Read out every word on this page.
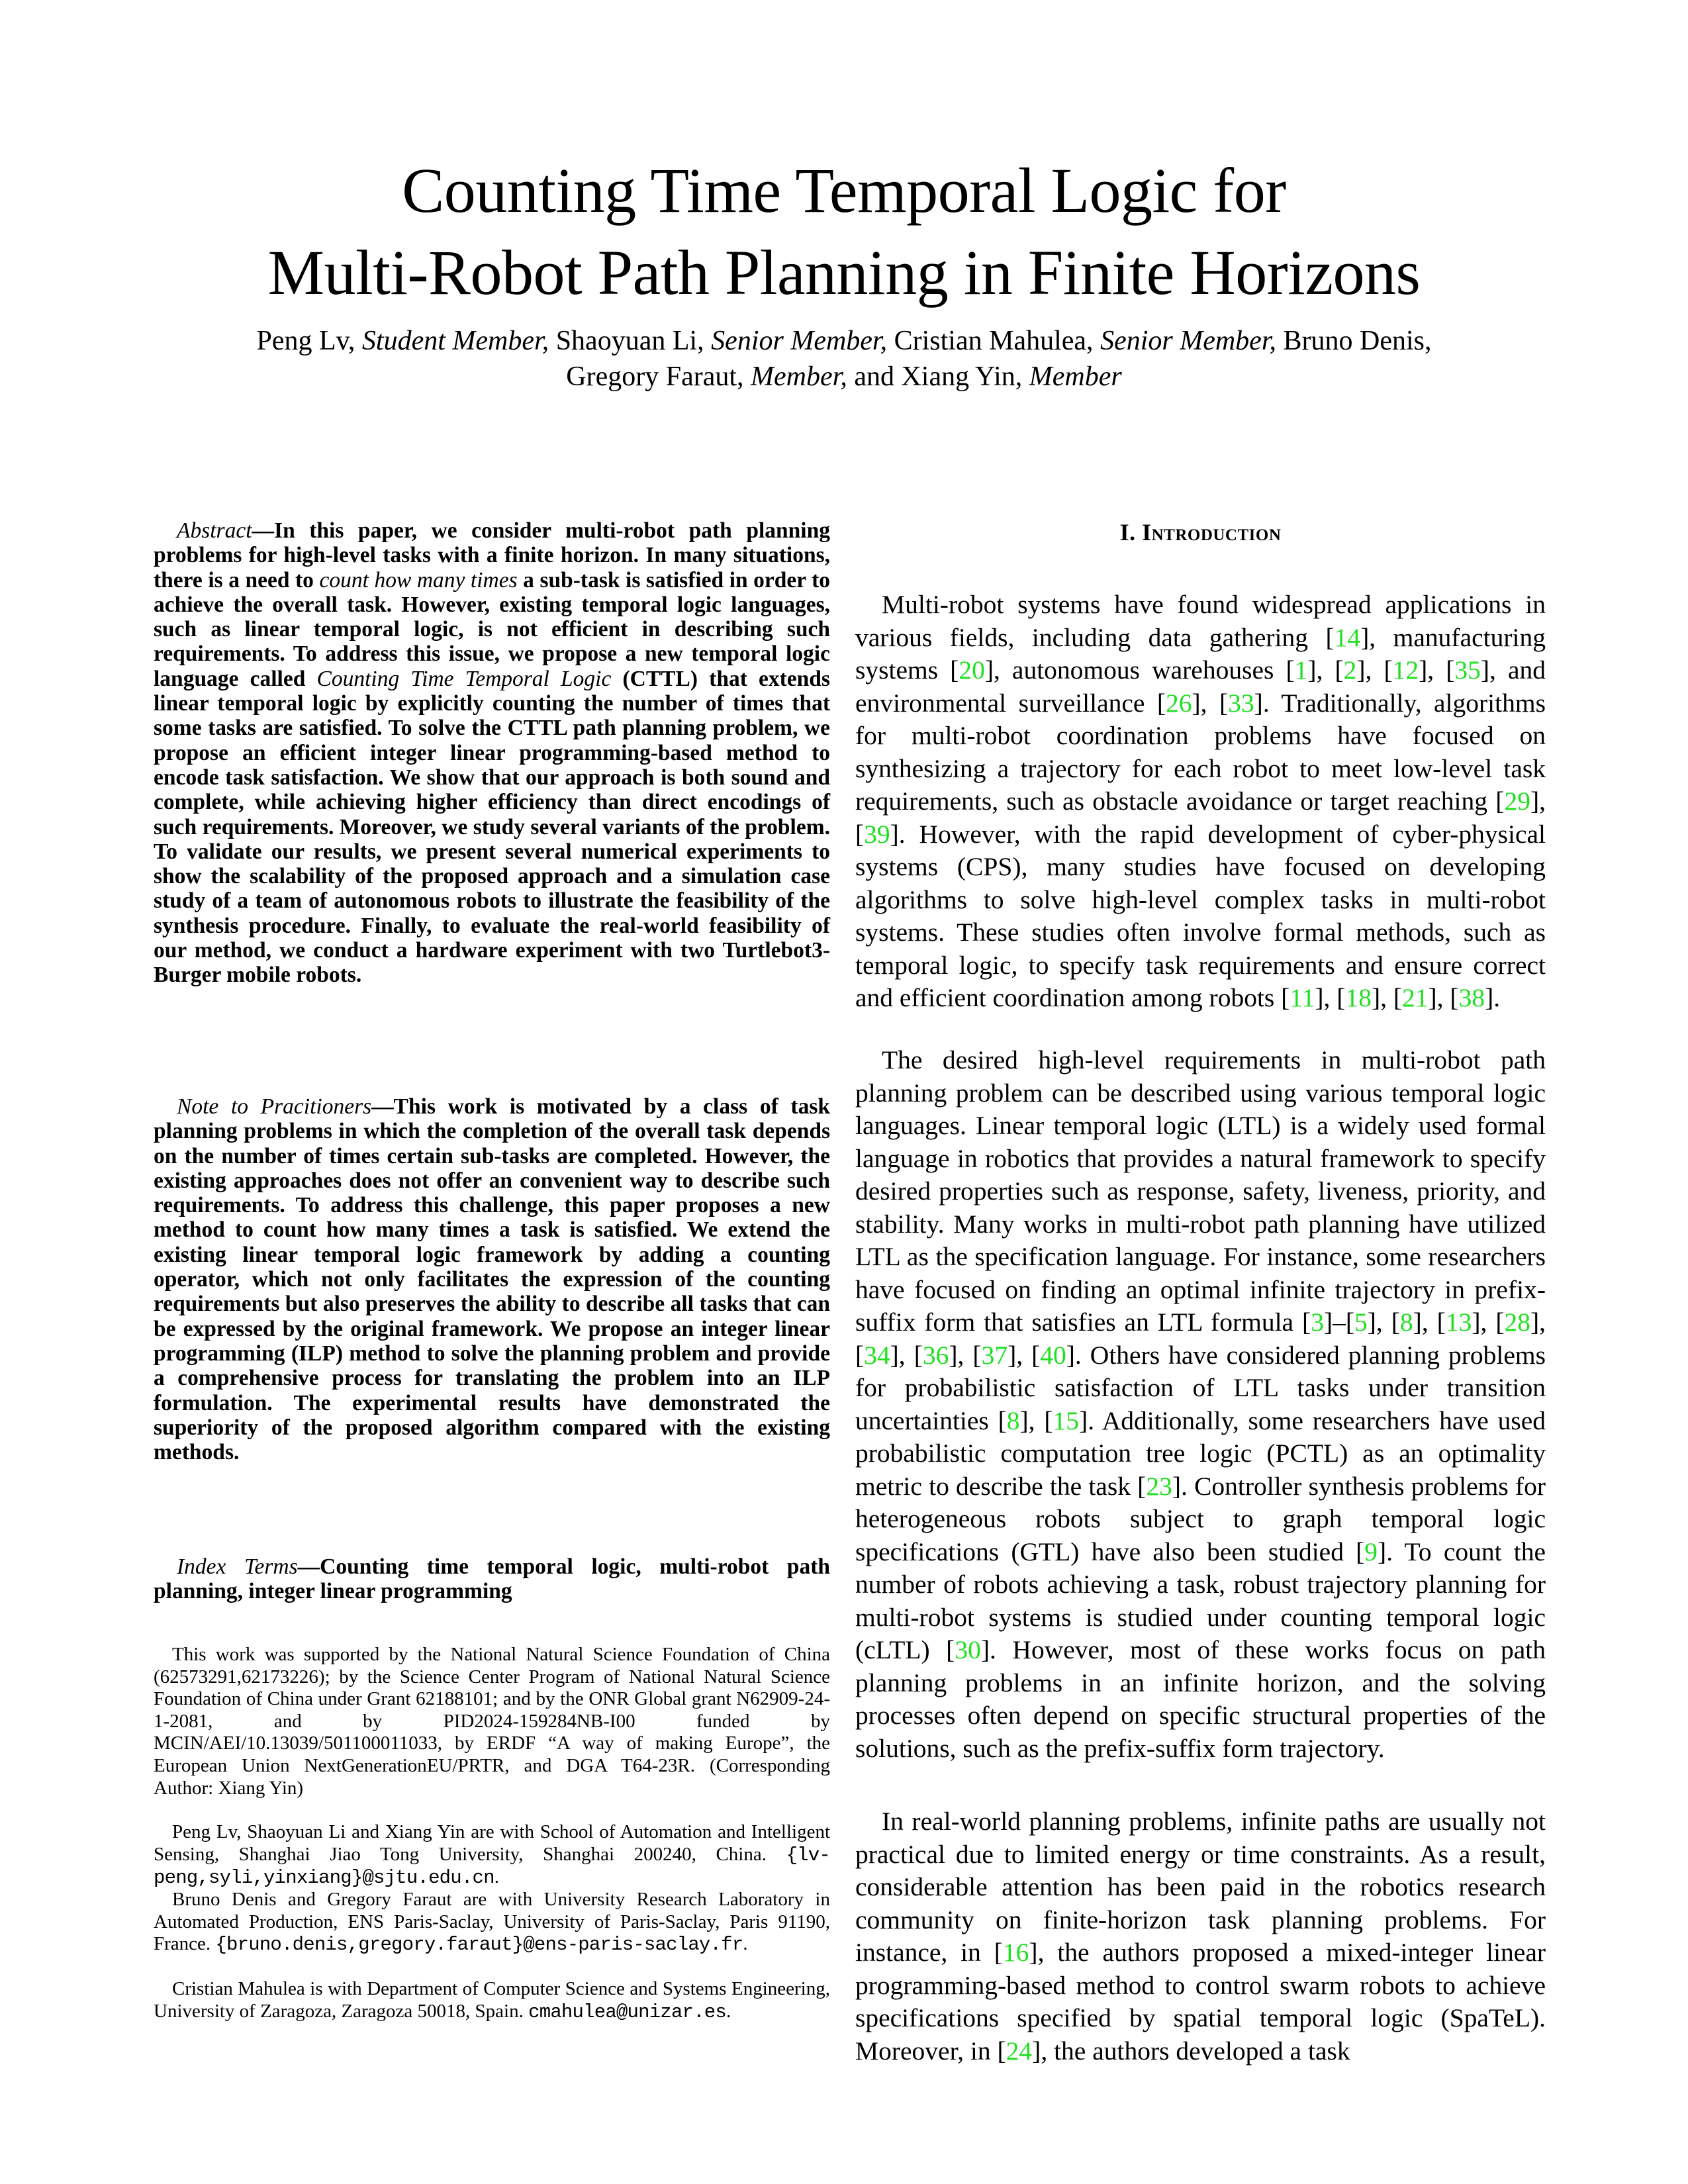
Counting Time Temporal Logic for
Multi-Robot Path Planning in Finite Horizons
Peng Lv, Student Member, Shaoyuan Li, Senior Member, Cristian Mahulea, Senior Member, Bruno Denis,
Gregory Faraut, Member, and Xiang Yin, Member

Abstract—In this paper, we consider multi-robot path planning problems for high-level tasks with a finite horizon. In many situations, there is a need to count how many times a sub-task is satisfied in order to achieve the overall task. However, existing temporal logic languages, such as linear temporal logic, is not efficient in describing such requirements. To address this issue, we propose a new temporal logic language called Counting Time Temporal Logic (CTTL) that extends linear temporal logic by explicitly counting the number of times that some tasks are satisfied. To solve the CTTL path planning problem, we propose an efficient integer linear programming-based method to encode task satisfaction. We show that our approach is both sound and complete, while achieving higher efficiency than direct encodings of such requirements. Moreover, we study several variants of the problem. To validate our results, we present several numerical experiments to show the scalability of the proposed approach and a simulation case study of a team of autonomous robots to illustrate the feasibility of the synthesis procedure. Finally, to evaluate the real-world feasibility of our method, we conduct a hardware experiment with two Turtlebot3-Burger mobile robots.

Note to Pracitioners—This work is motivated by a class of task planning problems in which the completion of the overall task depends on the number of times certain sub-tasks are completed. However, the existing approaches does not offer an convenient way to describe such requirements. To address this challenge, this paper proposes a new method to count how many times a task is satisfied. We extend the existing linear temporal logic framework by adding a counting operator, which not only facilitates the expression of the counting requirements but also preserves the ability to describe all tasks that can be expressed by the original framework. We propose an integer linear programming (ILP) method to solve the planning problem and provide a comprehensive process for translating the problem into an ILP formulation. The experimental results have demonstrated the superiority of the proposed algorithm compared with the existing methods.

Index Terms—Counting time temporal logic, multi-robot path planning, integer linear programming

This work was supported by the National Natural Science Foundation of China (62573291,62173226); by the Science Center Program of National Natural Science Foundation of China under Grant 62188101; and by the ONR Global grant N62909-24-1-2081, and by PID2024-159284NB-I00 funded by MCIN/AEI/10.13039/501100011033, by ERDF “A way of making Europe”, the European Union NextGenerationEU/PRTR, and DGA T64-23R. (Corresponding Author: Xiang Yin)

Peng Lv, Shaoyuan Li and Xiang Yin are with School of Automation and Intelligent Sensing, Shanghai Jiao Tong University, Shanghai 200240, China. {lv-peng,syli,yinxiang}@sjtu.edu.cn.

Bruno Denis and Gregory Faraut are with University Research Laboratory in Automated Production, ENS Paris-Saclay, University of Paris-Saclay, Paris 91190, France. {bruno.denis,gregory.faraut}@ens-paris-saclay.fr.

Cristian Mahulea is with Department of Computer Science and Systems Engineering, University of Zaragoza, Zaragoza 50018, Spain. cmahulea@unizar.es.

I. Introduction

Multi-robot systems have found widespread applications in various fields, including data gathering [14], manufacturing systems [20], autonomous warehouses [1], [2], [12], [35], and environmental surveillance [26], [33]. Traditionally, algorithms for multi-robot coordination problems have focused on synthesizing a trajectory for each robot to meet low-level task requirements, such as obstacle avoidance or target reaching [29], [39]. However, with the rapid development of cyber-physical systems (CPS), many studies have focused on developing algorithms to solve high-level complex tasks in multi-robot systems. These studies often involve formal methods, such as temporal logic, to specify task requirements and ensure correct and efficient coordination among robots [11], [18], [21], [38].

The desired high-level requirements in multi-robot path planning problem can be described using various temporal logic languages. Linear temporal logic (LTL) is a widely used formal language in robotics that provides a natural framework to specify desired properties such as response, safety, liveness, priority, and stability. Many works in multi-robot path planning have utilized LTL as the specification language. For instance, some researchers have focused on finding an optimal infinite trajectory in prefix-suffix form that satisfies an LTL formula [3]–[5], [8], [13], [28], [34], [36], [37], [40]. Others have considered planning problems for probabilistic satisfaction of LTL tasks under transition uncertainties [8], [15]. Additionally, some researchers have used probabilistic computation tree logic (PCTL) as an optimality metric to describe the task [23]. Controller synthesis problems for heterogeneous robots subject to graph temporal logic specifications (GTL) have also been studied [9]. To count the number of robots achieving a task, robust trajectory planning for multi-robot systems is studied under counting temporal logic (cLTL) [30]. However, most of these works focus on path planning problems in an infinite horizon, and the solving processes often depend on specific structural properties of the solutions, such as the prefix-suffix form trajectory.

In real-world planning problems, infinite paths are usually not practical due to limited energy or time constraints. As a result, considerable attention has been paid in the robotics research community on finite-horizon task planning problems. For instance, in [16], the authors proposed a mixed-integer linear programming-based method to control swarm robots to achieve specifications specified by spatial temporal logic (SpaTeL). Moreover, in [24], the authors developed a task
